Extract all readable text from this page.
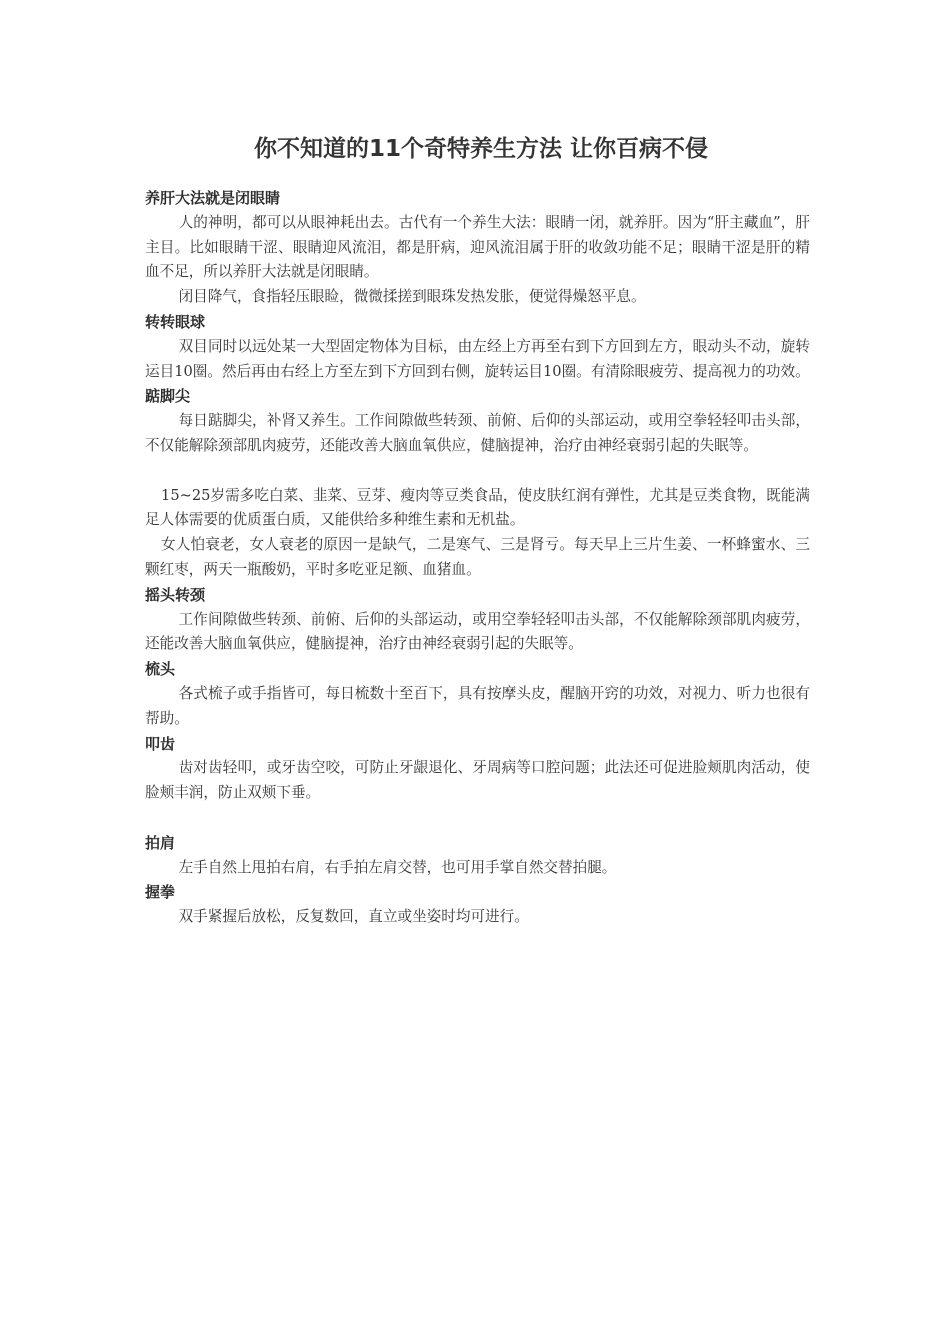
你不知道的11个奇特养生方法 让你百病不侵
养肝大法就是闭眼睛
人的神明，都可以从眼神耗出去。古代有一个养生大法：眼睛一闭，就养肝。因为“肝主藏血”，肝主目。比如眼睛干涩、眼睛迎风流泪，都是肝病，迎风流泪属于肝的收敛功能不足；眼睛干涩是肝的精血不足，所以养肝大法就是闭眼睛。
闭目降气，食指轻压眼睑，微微揉搓到眼珠发热发胀，便觉得燥怒平息。
转转眼球
双目同时以远处某一大型固定物体为目标，由左经上方再至右到下方回到左方，眼动头不动，旋转运目10圈。然后再由右经上方至左到下方回到右侧，旋转运目10圈。有清除眼疲劳、提高视力的功效。
踮脚尖
每日踮脚尖，补肾又养生。工作间隙做些转颈、前俯、后仰的头部运动，或用空拳轻轻叩击头部，不仅能解除颈部肌肉疲劳，还能改善大脑血氧供应，健脑提神，治疗由神经衰弱引起的失眠等。
15~25岁需多吃白菜、韭菜、豆芽、瘦肉等豆类食品，使皮肤红润有弹性，尤其是豆类食物，既能满足人体需要的优质蛋白质，又能供给多种维生素和无机盐。
女人怕衰老，女人衰老的原因一是缺气，二是寒气、三是肾亏。每天早上三片生姜、一杯蜂蜜水、三颗红枣，两天一瓶酸奶，平时多吃亚足额、血猪血。
摇头转颈
工作间隙做些转颈、前俯、后仰的头部运动，或用空拳轻轻叩击头部，不仅能解除颈部肌肉疲劳，还能改善大脑血氧供应，健脑提神，治疗由神经衰弱引起的失眠等。
梳头
各式梳子或手指皆可，每日梳数十至百下，具有按摩头皮，醒脑开窍的功效，对视力、听力也很有帮助。
叩齿
齿对齿轻叩，或牙齿空咬，可防止牙龈退化、牙周病等口腔问题；此法还可促进脸颊肌肉活动，使脸颊丰润，防止双颊下垂。
拍肩
左手自然上甩拍右肩，右手拍左肩交替，也可用手掌自然交替拍腿。
握拳
双手紧握后放松，反复数回，直立或坐姿时均可进行。
